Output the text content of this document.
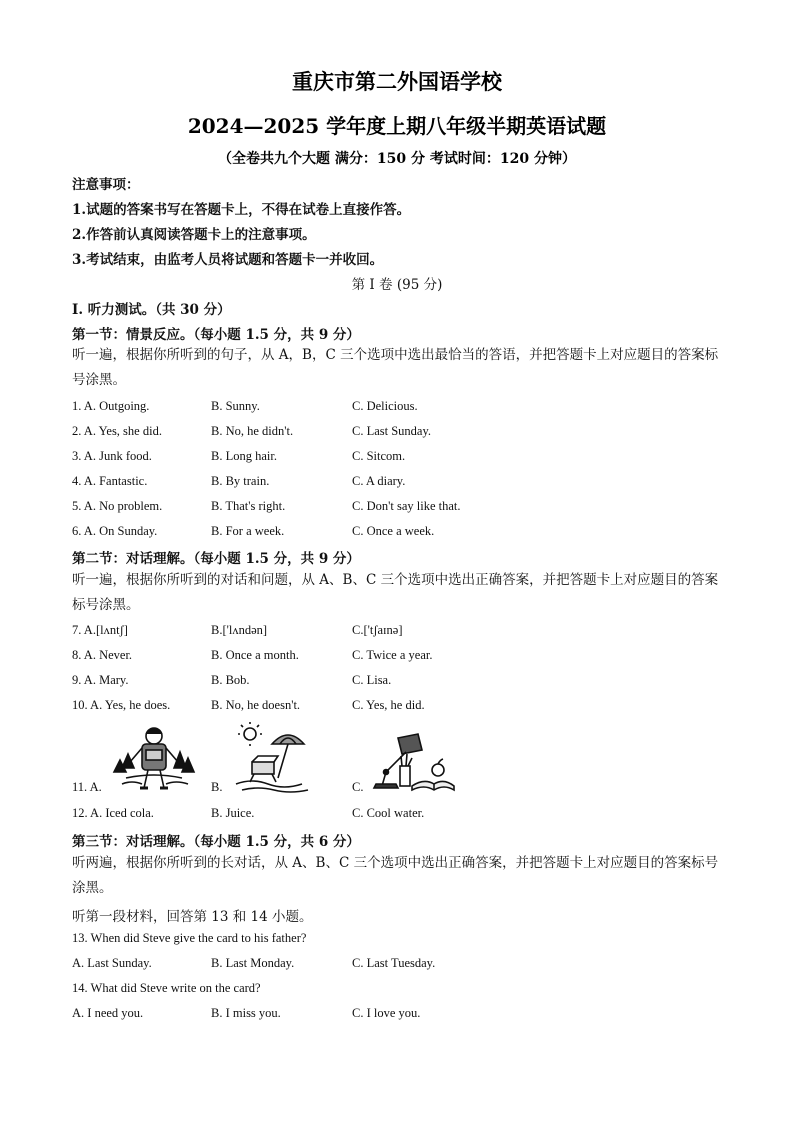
重庆市第二外国语学校
2024—2025 学年度上期八年级半期英语试题
（全卷共九个大题 满分：150 分 考试时间：120 分钟）
注意事项：
1.试题的答案书写在答题卡上，不得在试卷上直接作答。
2.作答前认真阅读答题卡上的注意事项。
3.考试结束，由监考人员将试题和答题卡一并收回。
第 I 卷 (95 分)
I. 听力测试。（共 30 分）
第一节：情景反应。（每小题 1.5 分，共 9 分）
听一遍，根据你所听到的句子，从 A，B，C 三个选项中选出最恰当的答语，并把答题卡上对应题目的答案标号涂黑。
1. A. Outgoing.	B. Sunny.	C. Delicious.
2. A. Yes, she did.	B. No, he didn't.	C. Last Sunday.
3. A. Junk food.	B. Long hair.	C. Sitcom.
4. A. Fantastic.	B. By train.	C. A diary.
5. A. No problem.	B. That's right.	C. Don't say like that.
6. A. On Sunday.	B. For a week.	C. Once a week.
第二节：对话理解。（每小题 1.5 分，共 9 分）
听一遍，根据你所听到的对话和问题，从 A、B、C 三个选项中选出正确答案，并把答题卡上对应题目的答案标号涂黑。
7. A.[lʌntʃ]	B.['lʌndən]	C.['tʃaɪnə]
8. A. Never.	B. Once a month.	C. Twice a year.
9. A. Mary.	B. Bob.	C. Lisa.
10. A. Yes, he does.	B. No, he doesn't.	C. Yes, he did.
11. A.	B.	C.
12. A. Iced cola.	B. Juice.	C. Cool water.
第三节：对话理解。（每小题 1.5 分，共 6 分）
听两遍，根据你所听到的长对话，从 A、B、C 三个选项中选出正确答案，并把答题卡上对应题目的答案标号涂黑。
听第一段材料，回答第 13 和 14 小题。
13. When did Steve give the card to his father?
A. Last Sunday.	B. Last Monday.	C. Last Tuesday.
14. What did Steve write on the card?
A. I need you.	B. I miss you.	C. I love you.
